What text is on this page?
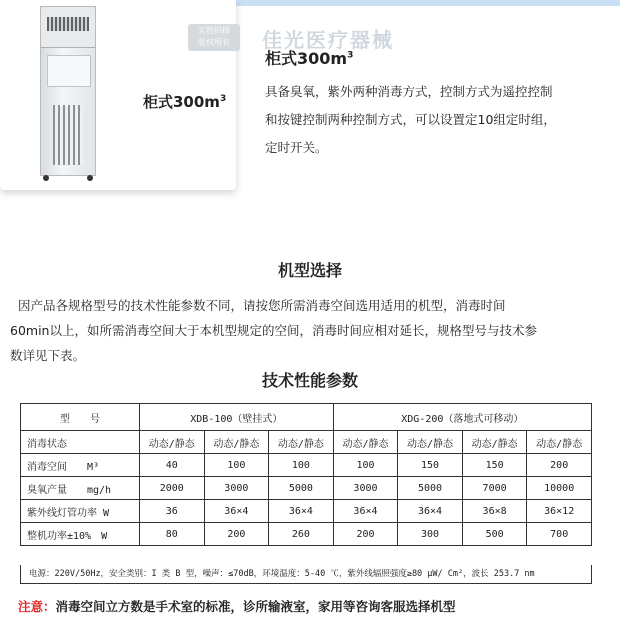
柜式$300m^3$
实物拍摄
版权所有	佳光医疗器械
柜式$300m^3$
具备臭氧，紫外两种消毒方式，控制方式为遥控控制
和按键控制两种控制方式，可以设置定10组定时组，
定时开关。
机型选择
因产品各规格型号的技术性能参数不同，请按您所需消毒空间选用适用的机型，消毒时间
60min以上，如所需消毒空间大于本机型规定的空间，消毒时间应相对延长，规格型号与技术参
数详见下表。
技术性能参数
型　　号	XDB-100（壁挂式）			XDG-200（落地式可移动）			
消毒状态	动态/静态	动态/静态	动态/静态	动态/静态	动态/静态	动态/静态	动态/静态
消毒空间　　M³	40	100	100	100	150	150	200
臭氧产量　　mg/h	2000	3000	5000	3000	5000	7000	10000
紫外线灯管功率 W	36	36×4	36×4	36×4	36×4	36×8	36×12
整机功率±10%　W	80	200	260	200	300	500	700
电源：220V/50Hz，安全类别：I 类 B 型，噪声：≤70dB，环境温度：5-40 ℃，紫外线辐照强度≥80 μW/ Cm²，波长 253.7 nm
注意：消毒空间立方数是手术室的标准，诊所输液室，家用等咨询客服选择机型
